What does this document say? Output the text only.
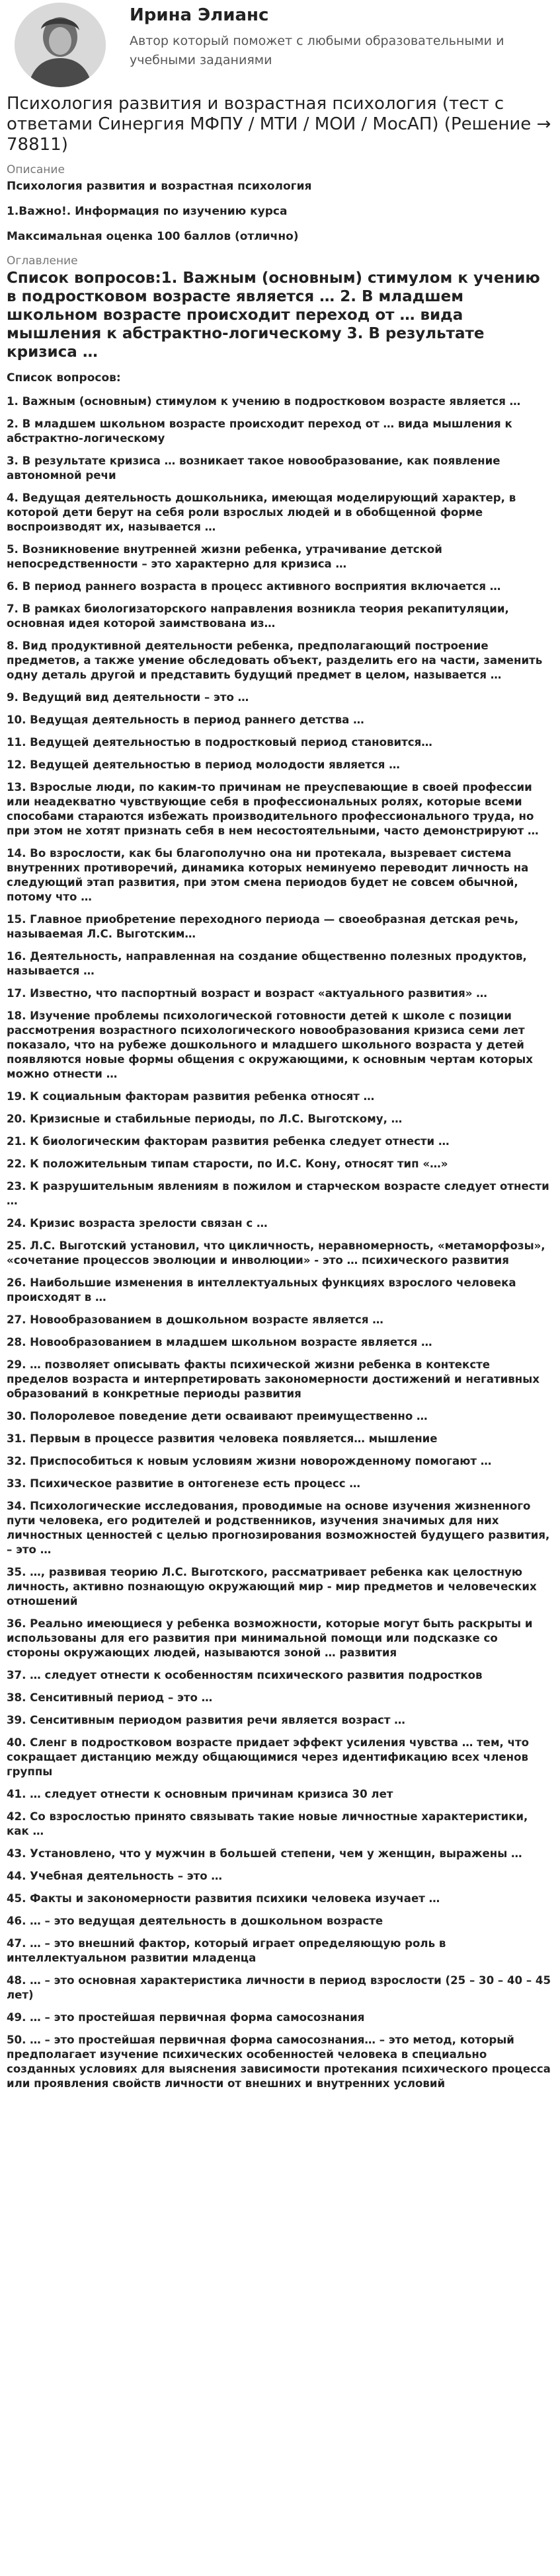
Ирина Элианс
Автор который поможет с любыми образовательными и учебными заданиями
Психология развития и возрастная психология (тест с ответами Синергия МФПУ / МТИ / МОИ / МосАП) (Решение → 78811)
Описание
Психология развития и возрастная психология
1.Важно!. Информация по изучению курса
Максимальная оценка 100 баллов (отлично)
Оглавление
Список вопросов:1. Важным (основным) стимулом к учению в подростковом возрасте является … 2. В младшем школьном возрасте происходит переход от … вида мышления к абстрактно-логическому 3. В результате кризиса …
Список вопросов:
1. Важным (основным) стимулом к учению в подростковом возрасте является …
2. В младшем школьном возрасте происходит переход от … вида мышления к абстрактно-логическому
3. В результате кризиса … возникает такое новообразование, как появление автономной речи
4. Ведущая деятельность дошкольника, имеющая моделирующий характер, в которой дети берут на себя роли взрослых людей и в обобщенной форме воспроизводят их, называется …
5. Возникновение внутренней жизни ребенка, утрачивание детской непосредственности – это характерно для кризиса …
6. В период раннего возраста в процесс активного восприятия включается …
7. В рамках биологизаторского направления возникла теория рекапитуляции, основная идея которой заимствована из…
8. Вид продуктивной деятельности ребенка, предполагающий построение предметов, а также умение обследовать объект, разделить его на части, заменить одну деталь другой и представить будущий предмет в целом, называется …
9. Ведущий вид деятельности – это …
10. Ведущая деятельность в период раннего детства …
11. Ведущей деятельностью в подростковый период становится…
12. Ведущей деятельностью в период молодости является …
13. Взрослые люди, по каким-то причинам не преуспевающие в своей профессии или неадекватно чувствующие себя в профессиональных ролях, которые всеми способами стараются избежать производительного профессионального труда, но при этом не хотят признать себя в нем несостоятельными, часто демонстрируют …
14. Во взрослости, как бы благополучно она ни протекала, вызревает система внутренних противоречий, динамика которых неминуемо переводит личность на следующий этап развития, при этом смена периодов будет не совсем обычной, потому что …
15. Главное приобретение переходного периода — своеобразная детская речь, называемая Л.С. Выготским…
16. Деятельность, направленная на создание общественно полезных продуктов, называется …
17. Известно, что паспортный возраст и возраст «актуального развития» …
18. Изучение проблемы психологической готовности детей к школе с позиции рассмотрения возрастного психологического новообразования кризиса семи лет показало, что на рубеже дошкольного и младшего школьного возраста у детей появляются новые формы общения с окружающими, к основным чертам которых можно отнести …
19. К социальным факторам развития ребенка относят …
20. Кризисные и стабильные периоды, по Л.С. Выготскому, …
21. К биологическим факторам развития ребенка следует отнести …
22. К положительным типам старости, по И.С. Кону, относят тип «…»
23. К разрушительным явлениям в пожилом и старческом возрасте следует отнести …
24. Кризис возраста зрелости связан с …
25. Л.С. Выготский установил, что цикличность, неравномерность, «метаморфозы», «сочетание процессов эволюции и инволюции» - это … психического развития
26. Наибольшие изменения в интеллектуальных функциях взрослого человека происходят в …
27. Новообразованием в дошкольном возрасте является …
28. Новообразованием в младшем школьном возрасте является …
29. … позволяет описывать факты психической жизни ребенка в контексте пределов возраста и интерпретировать закономерности достижений и негативных образований в конкретные периоды развития
30. Полоролевое поведение дети осваивают преимущественно …
31. Первым в процессе развития человека появляется… мышление
32. Приспособиться к новым условиям жизни новорожденному помогают …
33. Психическое развитие в онтогенезе есть процесс …
34. Психологические исследования, проводимые на основе изучения жизненного пути человека, его родителей и родственников, изучения значимых для них личностных ценностей с целью прогнозирования возможностей будущего развития, – это …
35. …, развивая теорию Л.С. Выготского, рассматривает ребенка как целостную личность, активно познающую окружающий мир - мир предметов и человеческих отношений
36. Реально имеющиеся у ребенка возможности, которые могут быть раскрыты и использованы для его развития при минимальной помощи или подсказке со стороны окружающих людей, называются зоной … развития
37. … следует отнести к особенностям психического развития подростков
38. Сенситивный период – это …
39. Сенситивным периодом развития речи является возраст …
40. Сленг в подростковом возрасте придает эффект усиления чувства … тем, что сокращает дистанцию между общающимися через идентификацию всех членов группы
41. … следует отнести к основным причинам кризиса 30 лет
42. Со взрослостью принято связывать такие новые личностные характеристики, как …
43. Установлено, что у мужчин в большей степени, чем у женщин, выражены …
44. Учебная деятельность – это …
45. Факты и закономерности развития психики человека изучает …
46. … – это ведущая деятельность в дошкольном возрасте
47. … – это внешний фактор, который играет определяющую роль в интеллектуальном развитии младенца
48. … – это основная характеристика личности в период взрослости (25 – 30 – 40 – 45 лет)
49. … – это простейшая первичная форма самосознания
50. … – это простейшая первичная форма самосознания… – это метод, который предполагает изучение психических особенностей человека в специально созданных условиях для выяснения зависимости протекания психического процесса или проявления свойств личности от внешних и внутренних условий
